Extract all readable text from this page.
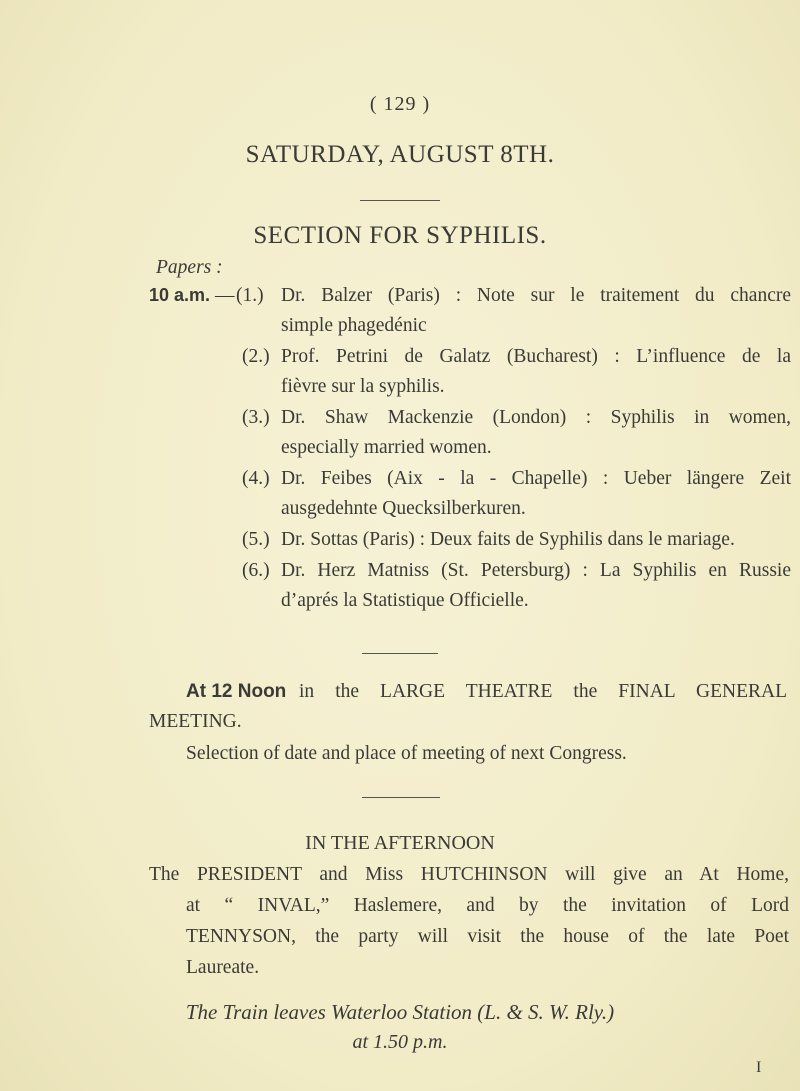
( 129 )
SATURDAY, AUGUST 8TH.
SECTION FOR SYPHILIS.
Papers :
10 a.m. — (1.) Dr. Balzer (Paris) : Note sur le traitement du chancre
simple phagedénic
(2.) Prof. Petrini de Galatz (Bucharest) : L’influence de la
fièvre sur la syphilis.
(3.) Dr. Shaw Mackenzie (London) : Syphilis in women,
especially married women.
(4.) Dr. Feibes (Aix - la - Chapelle) : Ueber längere Zeit
ausgedehnte Quecksilberkuren.
(5.) Dr. Sottas (Paris) : Deux faits de Syphilis dans le mariage.
(6.) Dr. Herz Matniss (St. Petersburg) : La Syphilis en Russie
d’aprés la Statistique Officielle.
At 12 Noon in the LARGE THEATRE the FINAL GENERAL
MEETING.
Selection of date and place of meeting of next Congress.
IN THE AFTERNOON
The PRESIDENT and Miss HUTCHINSON will give an At Home,
at “ INVAL,” Haslemere, and by the invitation of Lord
TENNYSON, the party will visit the house of the late Poet
Laureate.
The Train leaves Waterloo Station (L. & S. W. Rly.)
at 1.50 p.m.
I
